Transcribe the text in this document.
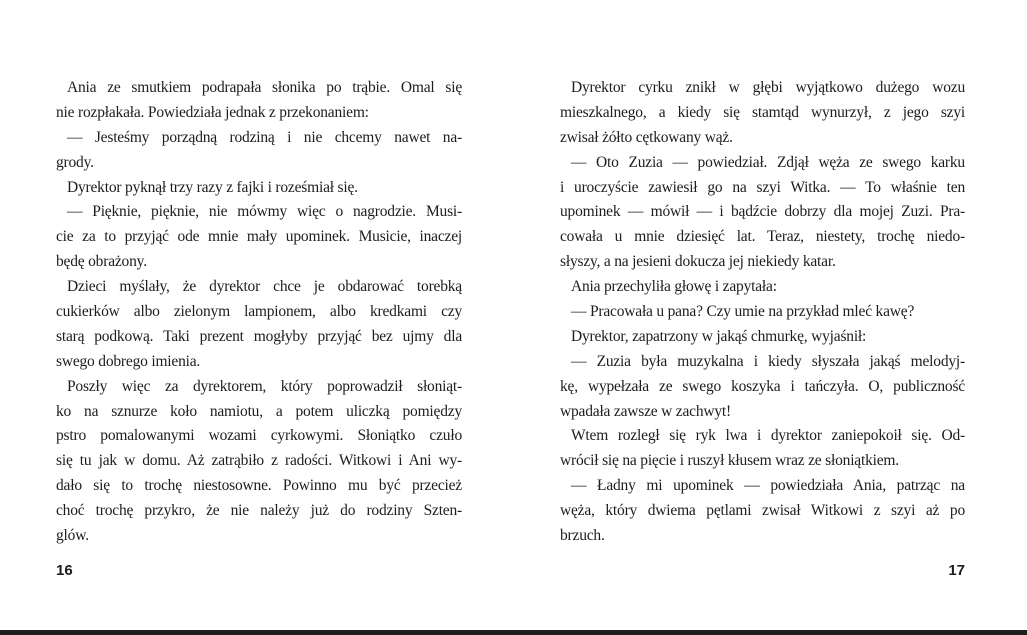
Ania ze smutkiem podrapała słonika po trąbie. Omal się
nie rozpłakała. Powiedziała jednak z przekonaniem:
— Jesteśmy porządną rodziną i nie chcemy nawet na-
grody.
Dyrektor pyknął trzy razy z fajki i roześmiał się.
— Pięknie, pięknie, nie mówmy więc o nagrodzie. Musi-
cie za to przyjąć ode mnie mały upominek. Musicie, inaczej
będę obrażony.
Dzieci myślały, że dyrektor chce je obdarować torebką
cukierków albo zielonym lampionem, albo kredkami czy
starą podkową. Taki prezent mogłyby przyjąć bez ujmy dla
swego dobrego imienia.
Poszły więc za dyrektorem, który poprowadził słoniąt-
ko na sznurze koło namiotu, a potem uliczką pomiędzy
pstro pomalowanymi wozami cyrkowymi. Słoniątko czuło
się tu jak w domu. Aż zatrąbiło z radości. Witkowi i Ani wy-
dało się to trochę niestosowne. Powinno mu być przecież
choć trochę przykro, że nie należy już do rodziny Szten-
glów.
16
Dyrektor cyrku znikł w głębi wyjątkowo dużego wozu
mieszkalnego, a kiedy się stamtąd wynurzył, z jego szyi
zwisał żółto cętkowany wąż.
— Oto Zuzia — powiedział. Zdjął węża ze swego karku
i uroczyście zawiesił go na szyi Witka. — To właśnie ten
upominek — mówił — i bądźcie dobrzy dla mojej Zuzi. Pra-
cowała u mnie dziesięć lat. Teraz, niestety, trochę niedo-
słyszy, a na jesieni dokucza jej niekiedy katar.
Ania przechyliła głowę i zapytała:
— Pracowała u pana? Czy umie na przykład mleć kawę?
Dyrektor, zapatrzony w jakąś chmurkę, wyjaśnił:
— Zuzia była muzykalna i kiedy słyszała jakąś melodyj-
kę, wypełzała ze swego koszyka i tańczyła. O, publiczność
wpadała zawsze w zachwyt!
Wtem rozległ się ryk lwa i dyrektor zaniepokoił się. Od-
wrócił się na pięcie i ruszył kłusem wraz ze słoniątkiem.
— Ładny mi upominek — powiedziała Ania, patrząc na
węża, który dwiema pętlami zwisał Witkowi z szyi aż po
brzuch.
17
